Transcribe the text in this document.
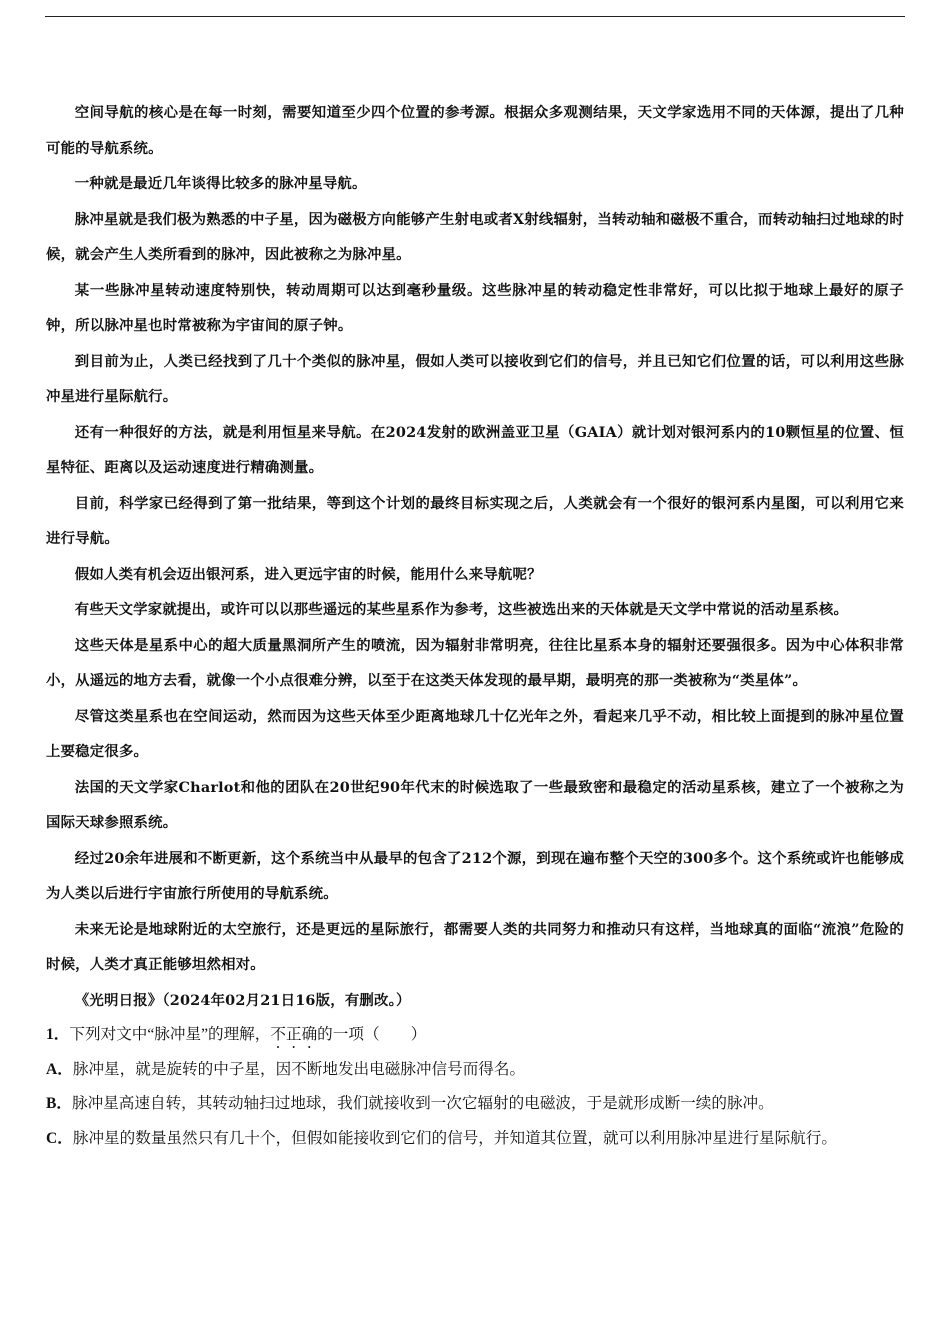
空间导航的核心是在每一时刻，需要知道至少四个位置的参考源。根据众多观测结果，天文学家选用不同的天体源，提出了几种可能的导航系统。

一种就是最近几年谈得比较多的脉冲星导航。

脉冲星就是我们极为熟悉的中子星，因为磁极方向能够产生射电或者X射线辐射，当转动轴和磁极不重合，而转动轴扫过地球的时候，就会产生人类所看到的脉冲，因此被称之为脉冲星。

某一些脉冲星转动速度特别快，转动周期可以达到毫秒量级。这些脉冲星的转动稳定性非常好，可以比拟于地球上最好的原子钟，所以脉冲星也时常被称为宇宙间的原子钟。

到目前为止，人类已经找到了几十个类似的脉冲星，假如人类可以接收到它们的信号，并且已知它们位置的话，可以利用这些脉冲星进行星际航行。

还有一种很好的方法，就是利用恒星来导航。在2024发射的欧洲盖亚卫星（GAIA）就计划对银河系内的10颗恒星的位置、恒星特征、距离以及运动速度进行精确测量。

目前，科学家已经得到了第一批结果，等到这个计划的最终目标实现之后，人类就会有一个很好的银河系内星图，可以利用它来进行导航。

假如人类有机会迈出银河系，进入更远宇宙的时候，能用什么来导航呢？

有些天文学家就提出，或许可以以那些遥远的某些星系作为参考，这些被选出来的天体就是天文学中常说的活动星系核。

这些天体是星系中心的超大质量黑洞所产生的喷流，因为辐射非常明亮，往往比星系本身的辐射还要强很多。因为中心体积非常小，从遥远的地方去看，就像一个小点很难分辨，以至于在这类天体发现的最早期，最明亮的那一类被称为“类星体”。

尽管这类星系也在空间运动，然而因为这些天体至少距离地球几十亿光年之外，看起来几乎不动，相比较上面提到的脉冲星位置上要稳定很多。

法国的天文学家Charlot和他的团队在20世纪90年代末的时候选取了一些最致密和最稳定的活动星系核，建立了一个被称之为国际天球参照系统。

经过20余年进展和不断更新，这个系统当中从最早的包含了212个源，到现在遍布整个天空的300多个。这个系统或许也能够成为人类以后进行宇宙旅行所使用的导航系统。

未来无论是地球附近的太空旅行，还是更远的星际旅行，都需要人类的共同努力和推动只有这样，当地球真的面临“流浪”危险的时候，人类才真正能够坦然相对。

《光明日报》（2024年02月21日16版，有删改。）

1．下列对文中“脉冲星”的理解，不正确的一项（　　）

A．脉冲星，就是旋转的中子星，因不断地发出电磁脉冲信号而得名。

B．脉冲星高速自转，其转动轴扫过地球，我们就接收到一次它辐射的电磁波，于是就形成断一续的脉冲。

C．脉冲星的数量虽然只有几十个，但假如能接收到它们的信号，并知道其位置，就可以利用脉冲星进行星际航行。
